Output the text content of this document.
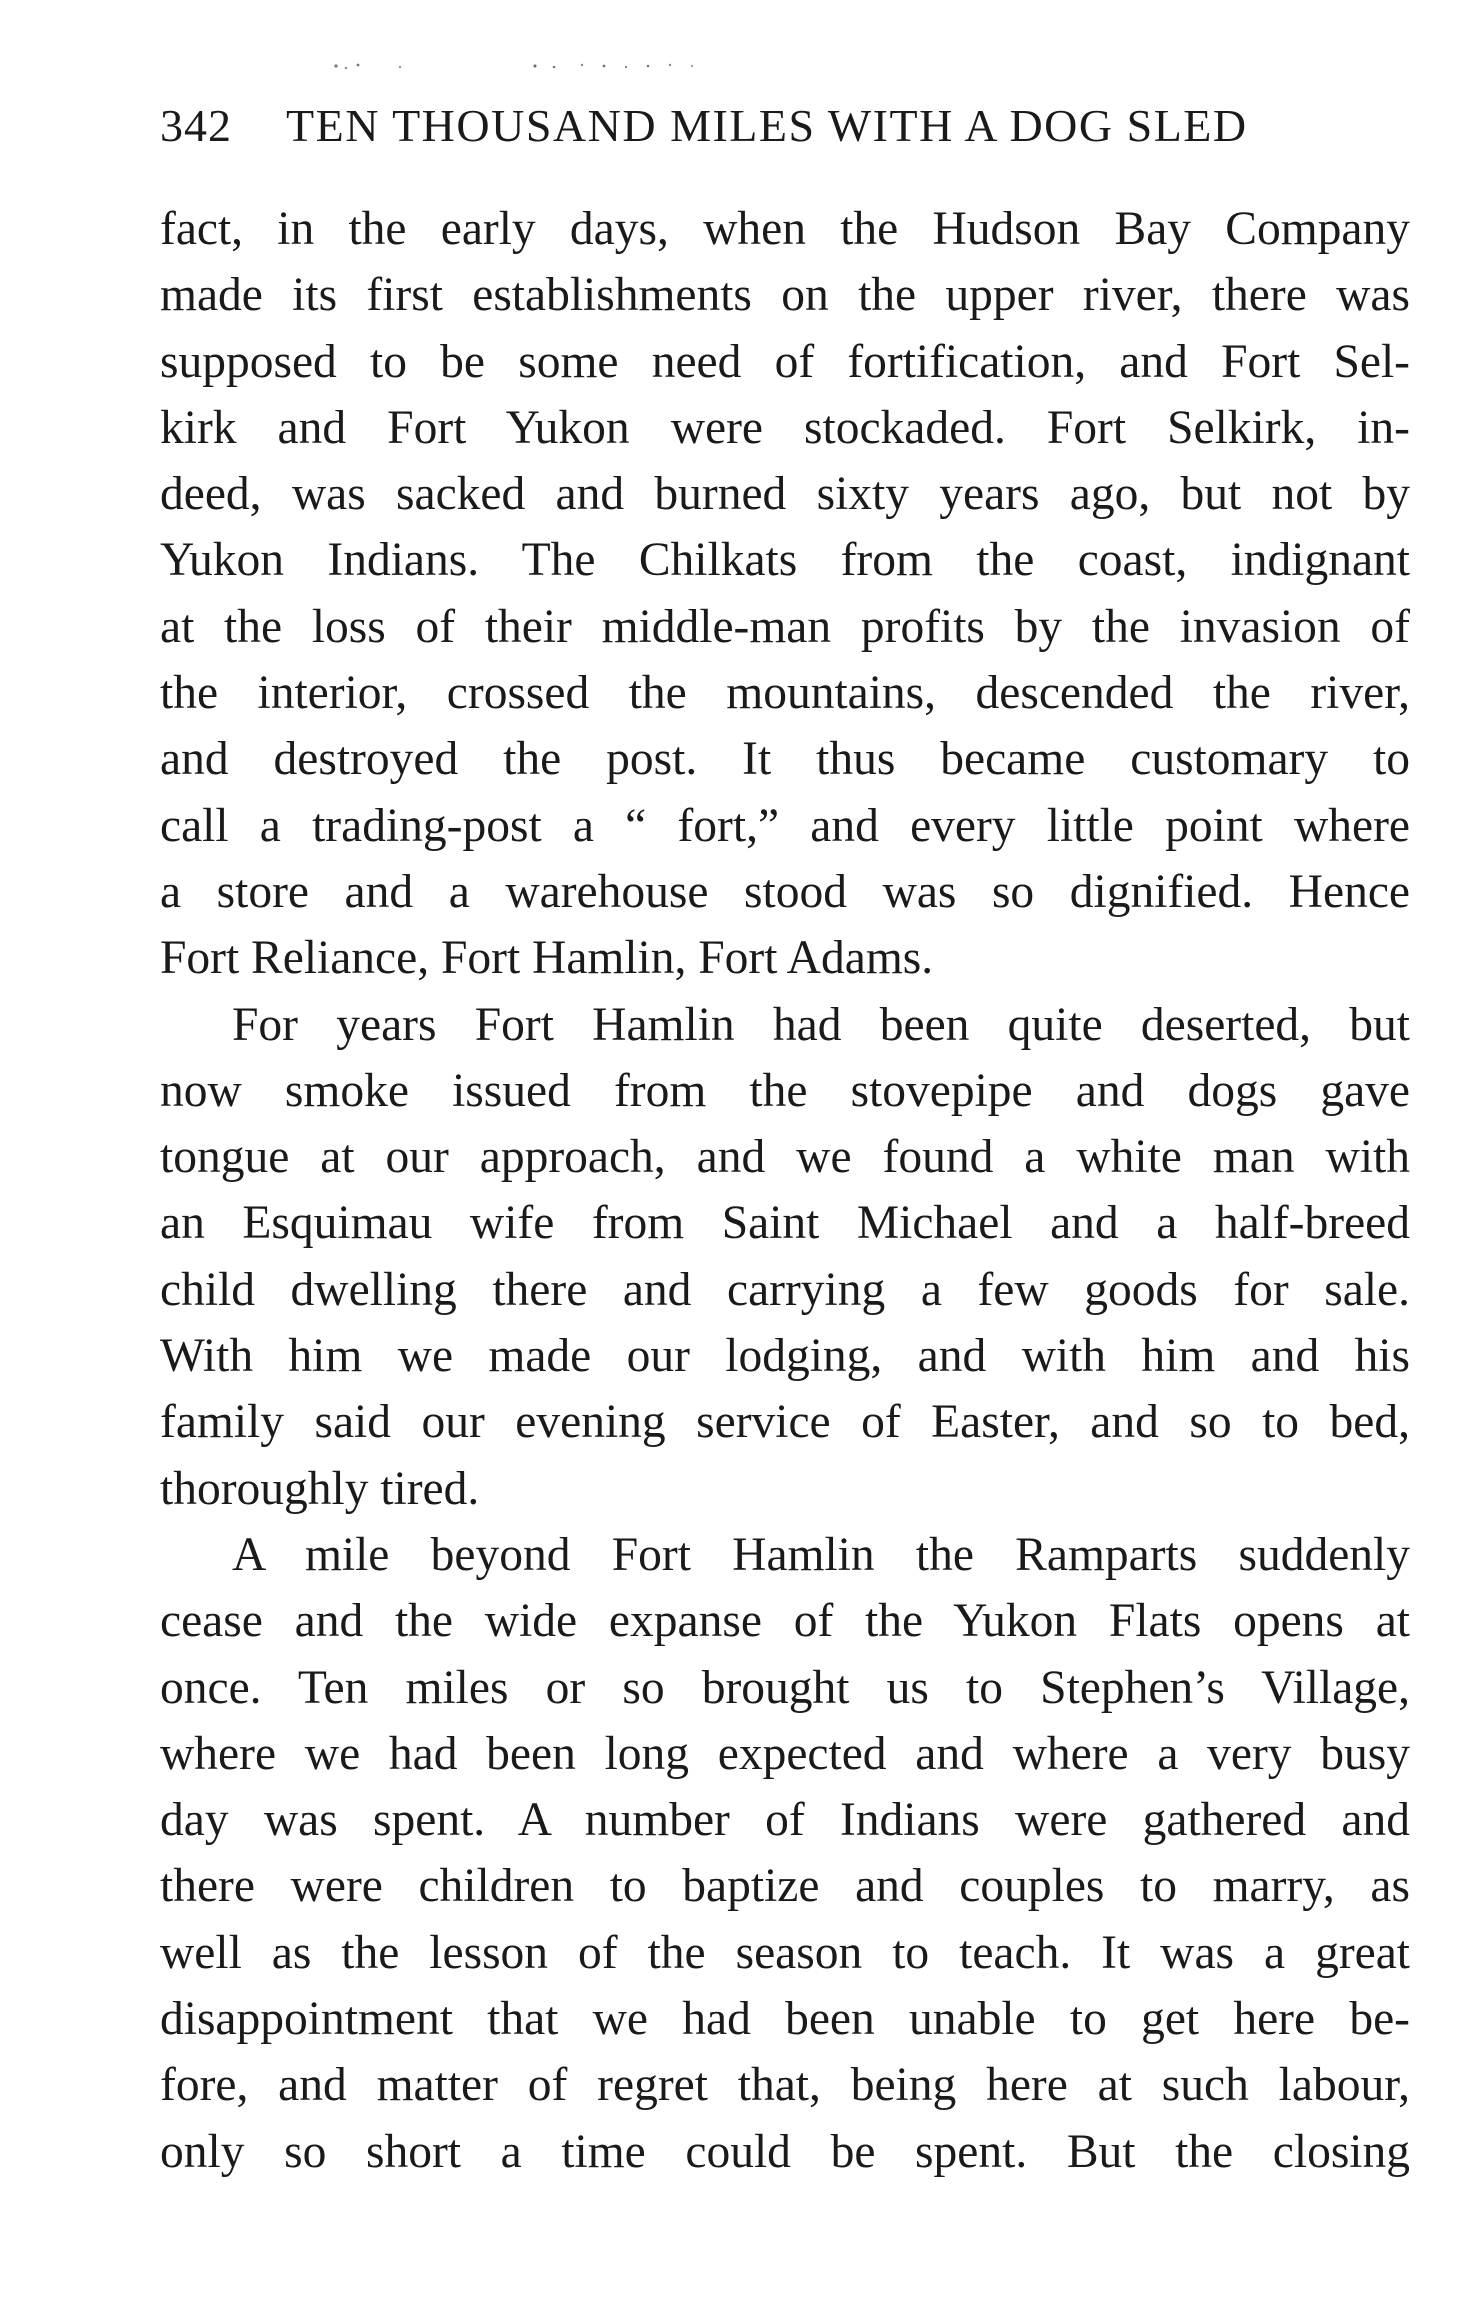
342 TEN THOUSAND MILES WITH A DOG SLED

fact, in the early days, when the Hudson Bay Company
made its first establishments on the upper river, there was
supposed to be some need of fortification, and Fort Sel-
kirk and Fort Yukon were stockaded. Fort Selkirk, in-
deed, was sacked and burned sixty years ago, but not by
Yukon Indians. The Chilkats from the coast, indignant
at the loss of their middle-man profits by the invasion of
the interior, crossed the mountains, descended the river,
and destroyed the post. It thus became customary to
call a trading-post a “ fort,” and every little point where
a store and a warehouse stood was so dignified. Hence
Fort Reliance, Fort Hamlin, Fort Adams.

For years Fort Hamlin had been quite deserted, but
now smoke issued from the stovepipe and dogs gave
tongue at our approach, and we found a white man with
an Esquimau wife from Saint Michael and a half-breed
child dwelling there and carrying a few goods for sale.
With him we made our lodging, and with him and his
family said our evening service of Easter, and so to bed,
thoroughly tired.

A mile beyond Fort Hamlin the Ramparts suddenly
cease and the wide expanse of the Yukon Flats opens at
once. Ten miles or so brought us to Stephen’s Village,
where we had been long expected and where a very busy
day was spent. A number of Indians were gathered and
there were children to baptize and couples to marry, as
well as the lesson of the season to teach. It was a great
disappointment that we had been unable to get here be-
fore, and matter of regret that, being here at such labour,
only so short a time could be spent. But the closing
